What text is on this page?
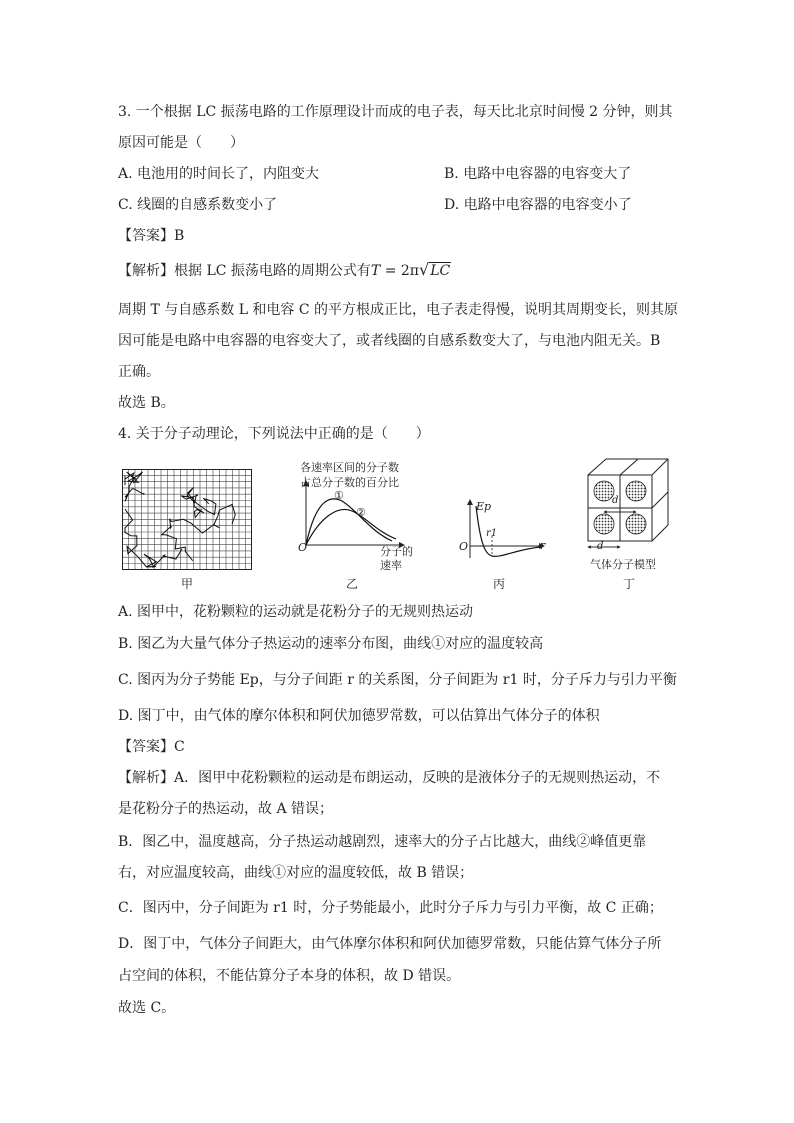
3. 一个根据 LC 振荡电路的工作原理设计而成的电子表，每天比北京时间慢 2 分钟，则其
原因可能是（　　）
A. 电池用的时间长了，内阻变大	B. 电路中电容器的电容变大了
C. 线圈的自感系数变小了	D. 电路中电容器的电容变小了
【答案】B
【解析】根据 LC 振荡电路的周期公式有T = 2π√LC
周期 T 与自感系数 L 和电容 C 的平方根成正比，电子表走得慢，说明其周期变长，则其原
因可能是电路中电容器的电容变大了，或者线圈的自感系数变大了，与电池内阻无关。B
正确。
故选 B。
4. 关于分子动理论，下列说法中正确的是（　　）
甲
各速率区间的分子数
占总分子数的百分比
①
②
O	分子的
速率
乙
Ep
O
r1
r
丙
d
d
气体分子模型
丁
A. 图甲中，花粉颗粒的运动就是花粉分子的无规则热运动
B. 图乙为大量气体分子热运动的速率分布图，曲线①对应的温度较高
C. 图丙为分子势能 Ep，与分子间距 r 的关系图，分子间距为 r1 时，分子斥力与引力平衡
D. 图丁中，由气体的摩尔体积和阿伏加德罗常数，可以估算出气体分子的体积
【答案】C
【解析】A．图甲中花粉颗粒的运动是布朗运动，反映的是液体分子的无规则热运动，不
是花粉分子的热运动，故 A 错误；
B．图乙中，温度越高，分子热运动越剧烈，速率大的分子占比越大，曲线②峰值更靠
右，对应温度较高，曲线①对应的温度较低，故 B 错误；
C．图丙中，分子间距为 r1 时，分子势能最小，此时分子斥力与引力平衡，故 C 正确；
D．图丁中，气体分子间距大，由气体摩尔体积和阿伏加德罗常数，只能估算气体分子所
占空间的体积，不能估算分子本身的体积，故 D 错误。
故选 C。
